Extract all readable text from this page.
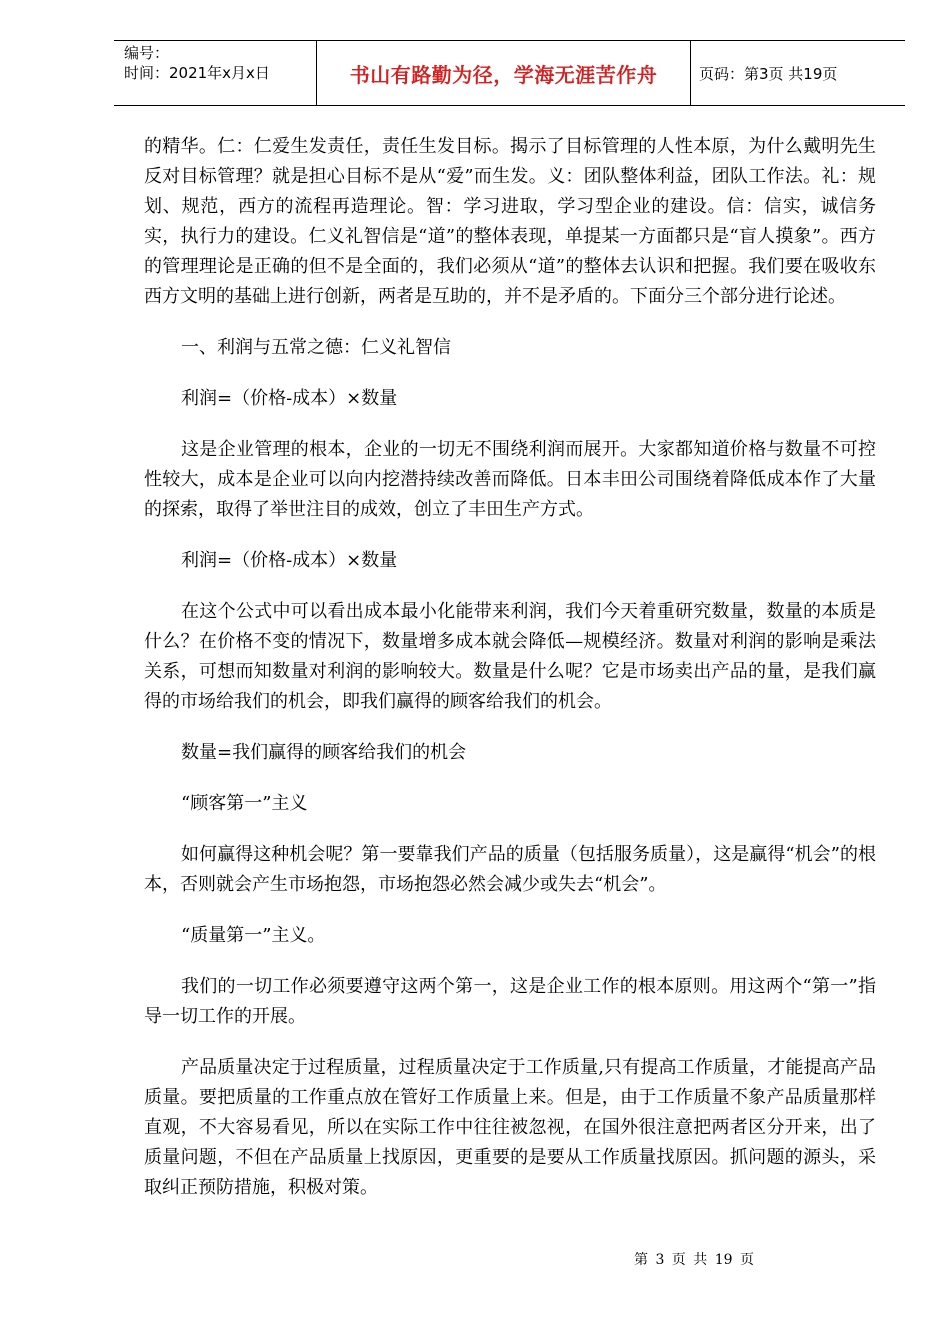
编号：
时间：2021年x月x日	书山有路勤为径，学海无涯苦作舟	页码：第3页 共19页

的精华。仁：仁爱生发责任，责任生发目标。揭示了目标管理的人性本原，为什么戴明先生反对目标管理？就是担心目标不是从“爱”而生发。义：团队整体利益，团队工作法。礼：规划、规范，西方的流程再造理论。智：学习进取，学习型企业的建设。信：信实，诚信务实，执行力的建设。仁义礼智信是“道”的整体表现，单提某一方面都只是“盲人摸象”。西方的管理理论是正确的但不是全面的，我们必须从“道”的整体去认识和把握。我们要在吸收东西方文明的基础上进行创新，两者是互助的，并不是矛盾的。下面分三个部分进行论述。

一、利润与五常之德：仁义礼智信

利润=（价格-成本）×数量

这是企业管理的根本，企业的一切无不围绕利润而展开。大家都知道价格与数量不可控性较大，成本是企业可以向内挖潜持续改善而降低。日本丰田公司围绕着降低成本作了大量的探索，取得了举世注目的成效，创立了丰田生产方式。

利润=（价格-成本）×数量

在这个公式中可以看出成本最小化能带来利润，我们今天着重研究数量，数量的本质是什么？在价格不变的情况下，数量增多成本就会降低—规模经济。数量对利润的影响是乘法关系，可想而知数量对利润的影响较大。数量是什么呢？它是市场卖出产品的量，是我们赢得的市场给我们的机会，即我们赢得的顾客给我们的机会。

数量=我们赢得的顾客给我们的机会

“顾客第一”主义

如何赢得这种机会呢？第一要靠我们产品的质量（包括服务质量），这是赢得“机会”的根本，否则就会产生市场抱怨，市场抱怨必然会减少或失去“机会”。

“质量第一”主义。

我们的一切工作必须要遵守这两个第一，这是企业工作的根本原则。用这两个“第一”指导一切工作的开展。

产品质量决定于过程质量，过程质量决定于工作质量,只有提高工作质量，才能提高产品质量。要把质量的工作重点放在管好工作质量上来。但是，由于工作质量不象产品质量那样直观，不大容易看见，所以在实际工作中往往被忽视，在国外很注意把两者区分开来，出了质量问题，不但在产品质量上找原因，更重要的是要从工作质量找原因。抓问题的源头，采取纠正预防措施，积极对策。

第 3 页 共 19 页
